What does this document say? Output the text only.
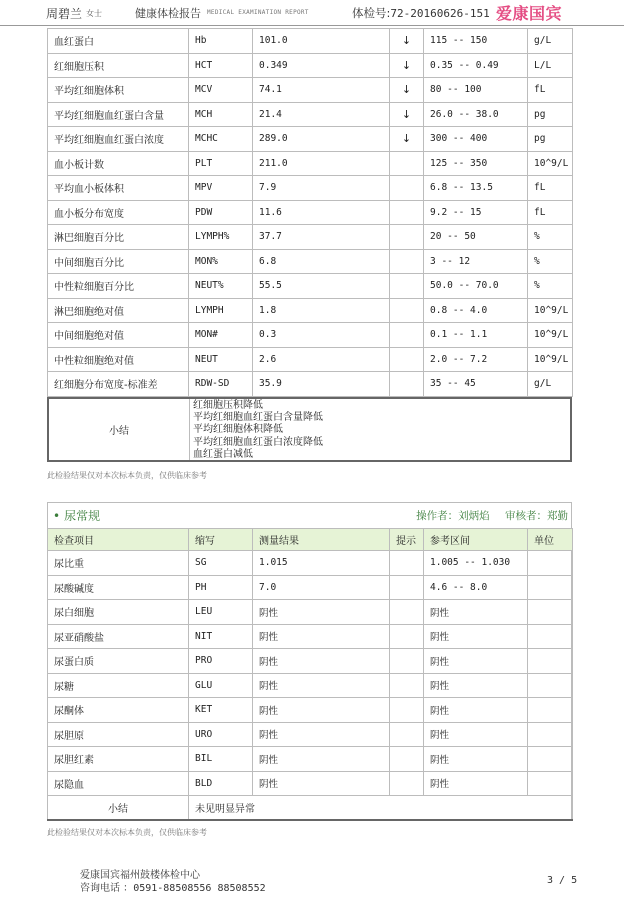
周碧兰 女士	健康体检报告 MEDICAL EXAMINATION REPORT	体检号:72-20160626-151 爱康国宾
血红蛋白	Hb	101.0	↓	115 -- 150	g/L
红细胞压积	HCT	0.349	↓	0.35 -- 0.49	L/L
平均红细胞体积	MCV	74.1	↓	80 -- 100	fL
平均红细胞血红蛋白含量	MCH	21.4	↓	26.0 -- 38.0	pg
平均红细胞血红蛋白浓度	MCHC	289.0	↓	300 -- 400	pg
血小板计数	PLT	211.0		125 -- 350	10^9/L
平均血小板体积	MPV	7.9		6.8 -- 13.5	fL
血小板分布宽度	PDW	11.6		9.2 -- 15	fL
淋巴细胞百分比	LYMPH%	37.7		20 -- 50	%
中间细胞百分比	MON%	6.8		3 -- 12	%
中性粒细胞百分比	NEUT%	55.5		50.0 -- 70.0	%
淋巴细胞绝对值	LYMPH	1.8		0.8 -- 4.0	10^9/L
中间细胞绝对值	MON#	0.3		0.1 -- 1.1	10^9/L
中性粒细胞绝对值	NEUT	2.6		2.0 -- 7.2	10^9/L
红细胞分布宽度-标准差	RDW-SD	35.9		35 -- 45	g/L
小结
红细胞压积降低
平均红细胞血红蛋白含量降低
平均红细胞体积降低
平均红细胞血红蛋白浓度降低
血红蛋白减低
此检验结果仅对本次标本负责，仅供临床参考
• 尿常规	操作者：刘炳焰 审核者：郑勤
检查项目	缩写	测量结果	提示	参考区间	单位
尿比重	SG	1.015		1.005 -- 1.030	
尿酸碱度	PH	7.0		4.6 -- 8.0	
尿白细胞	LEU	阴性		阴性	
尿亚硝酸盐	NIT	阴性		阴性	
尿蛋白质	PRO	阴性		阴性	
尿糖	GLU	阴性		阴性	
尿酮体	KET	阴性		阴性	
尿胆原	URO	阴性		阴性	
尿胆红素	BIL	阴性		阴性	
尿隐血	BLD	阴性		阴性	
小结	未见明显异常				
此检验结果仅对本次标本负责，仅供临床参考
爱康国宾福州鼓楼体检中心
咨询电话 ：0591-88508556 88508552
3 / 5
